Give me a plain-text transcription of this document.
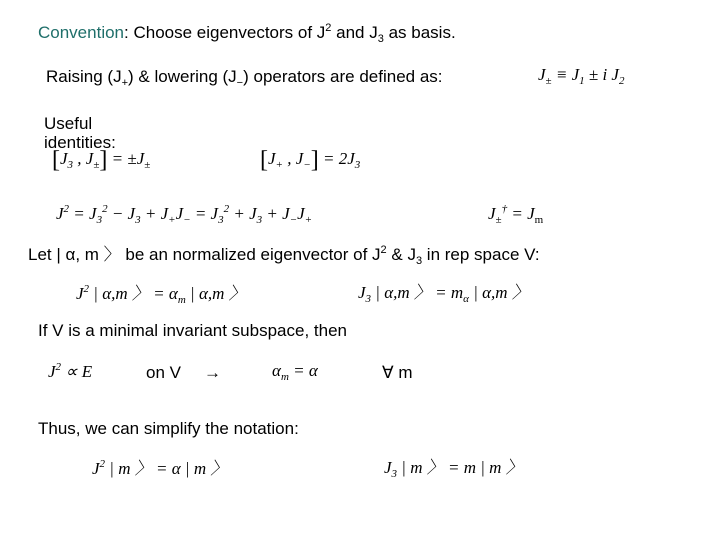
Convention: Choose eigenvectors of $J^2$ and $J_3$ as basis.
Raising $(J_+)$ & lowering $(J_-)$ operators are defined as:	$J_\pm \equiv J_1 \pm i$ $J_2$
Useful
identities:
[$J_3$ , $J_\pm] = \pm J_\pm$	[$J_+$ , $J_-] = 2J_3$
$J^2 = J_3^2 - J_3 + J_+J_- = J_3^2 + J_3 + J_-J_+$	$J_\pm^\dagger = J_m$
Let | α, m 〉 be an normalized eigenvector of $J^2$ & $J_3$ in rep space V:
$J^2$ | α,m 〉 = $\alpha_m$ | α,m 〉	$J_3$ | α,m 〉 = $m_\alpha$ | α,m 〉
If V is a minimal invariant subspace, then
$J^2 \propto E$	on V →	$\alpha_m = \alpha$	∀ m
Thus, we can simplify the notation:
$J^2$ | m 〉 = α | m 〉	$J_3$ | m 〉 = m | m 〉
